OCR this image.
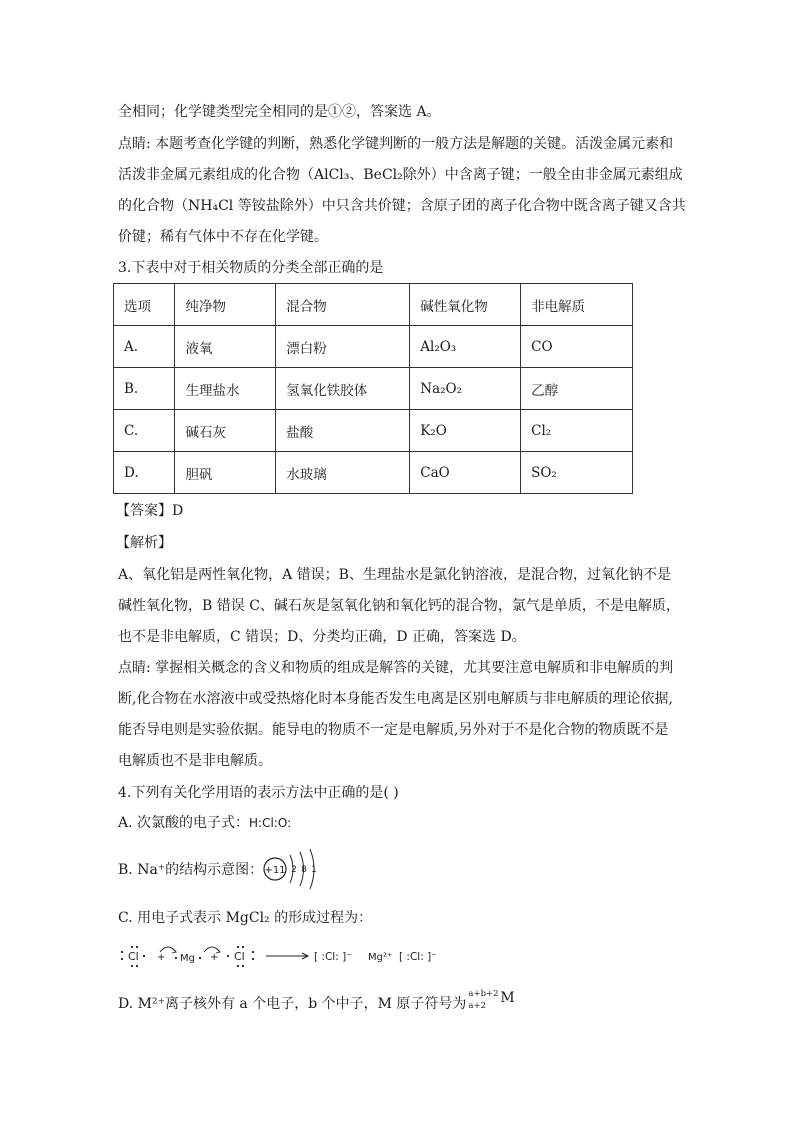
全相同；化学键类型完全相同的是①②，答案选 A。
点睛: 本题考查化学键的判断，熟悉化学键判断的一般方法是解题的关键。活泼金属元素和
活泼非金属元素组成的化合物（AlCl₃、BeCl₂除外）中含离子键；一般全由非金属元素组成
的化合物（NH₄Cl 等铵盐除外）中只含共价键；含原子团的离子化合物中既含离子键又含共
价键；稀有气体中不存在化学键。
3.下表中对于相关物质的分类全部正确的是
选项	纯净物	混合物	碱性氧化物	非电解质
A.	液氧	漂白粉	Al₂O₃	CO
B.	生理盐水	氢氧化铁胶体	Na₂O₂	乙醇
C.	碱石灰	盐酸	K₂O	Cl₂
D.	胆矾	水玻璃	CaO	SO₂
【答案】D
【解析】
A、氧化铝是两性氧化物，A 错误；B、生理盐水是氯化钠溶液，是混合物，过氧化钠不是
碱性氧化物，B 错误 C、碱石灰是氢氧化钠和氧化钙的混合物，氯气是单质，不是电解质，
也不是非电解质，C 错误；D、分类均正确，D 正确，答案选 D。
点睛: 掌握相关概念的含义和物质的组成是解答的关键，尤其要注意电解质和非电解质的判
断,化合物在水溶液中或受热熔化时本身能否发生电离是区别电解质与非电解质的理论依据,
能否导电则是实验依据。能导电的物质不一定是电解质,另外对于不是化合物的物质既不是
电解质也不是非电解质。
4.下列有关化学用语的表示方法中正确的是( )
A. 次氯酸的电子式：H:Cl:O:
B. Na⁺的结构示意图： +11 2 8 1
C. 用电子式表示 MgCl₂ 的形成过程为：
Cl + Mg + Cl	[ :Cl: ]⁻ Mg²⁺ [ :Cl: ]⁻
D. M²⁺离子核外有 a 个电子，b 个中子，M 原子符号为
a+b+2
a+2 M
